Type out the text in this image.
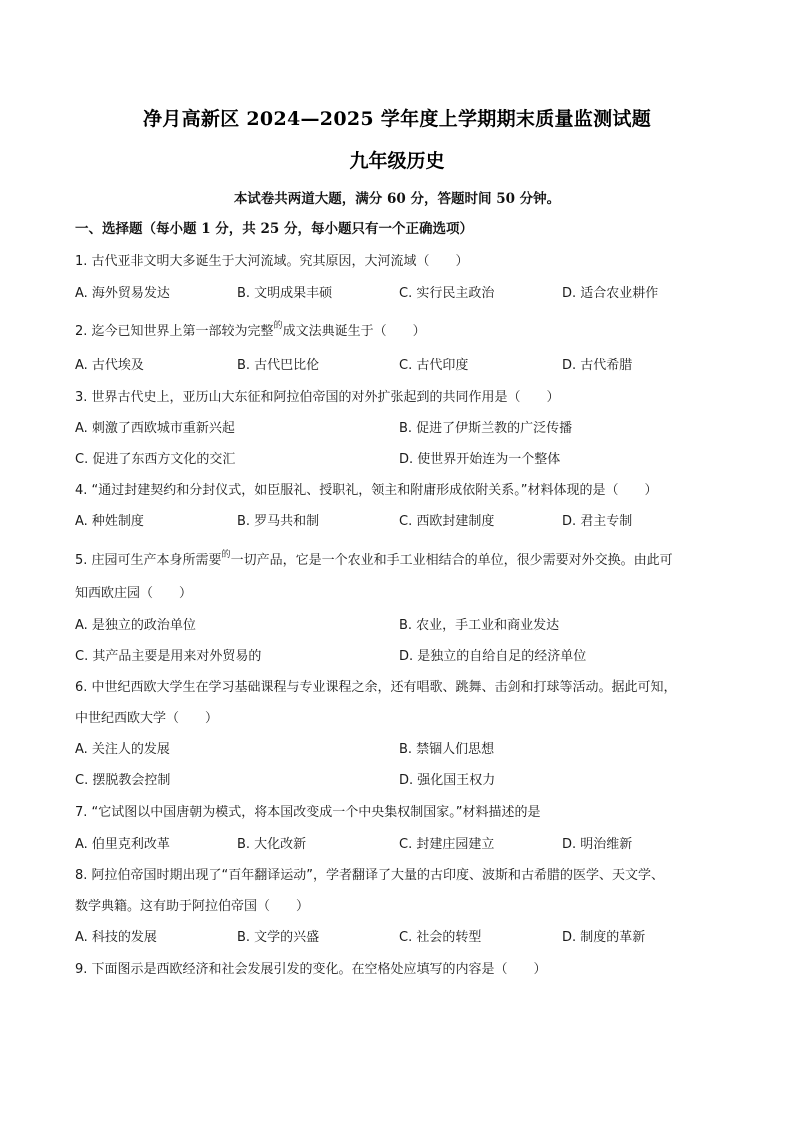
净月高新区 2024—2025 学年度上学期期末质量监测试题
九年级历史
本试卷共两道大题，满分 60 分，答题时间 50 分钟。
一、选择题（每小题 1 分，共 25 分，每小题只有一个正确选项）
1. 古代亚非文明大多诞生于大河流域。究其原因，大河流域（　　）
A. 海外贸易发达	B. 文明成果丰硕	C. 实行民主政治	D. 适合农业耕作
2. 迄今已知世界上第一部较为完整$^的$成文法典诞生于（　　）
A. 古代埃及	B. 古代巴比伦	C. 古代印度	D. 古代希腊
3. 世界古代史上，亚历山大东征和阿拉伯帝国的对外扩张起到的共同作用是（　　）
A. 刺激了西欧城市重新兴起	B. 促进了伊斯兰教的广泛传播
C. 促进了东西方文化的交汇	D. 使世界开始连为一个整体
4. “通过封建契约和分封仪式，如臣服礼、授职礼，领主和附庸形成依附关系。”材料体现的是（　　）
A. 种姓制度	B. 罗马共和制	C. 西欧封建制度	D. 君主专制
5. 庄园可生产本身所需要$^的$一切产品，它是一个农业和手工业相结合的单位，很少需要对外交换。由此可
知西欧庄园（　　）
A. 是独立的政治单位	B. 农业，手工业和商业发达
C. 其产品主要是用来对外贸易的	D. 是独立的自给自足的经济单位
6. 中世纪西欧大学生在学习基础课程与专业课程之余，还有唱歌、跳舞、击剑和打球等活动。据此可知，
中世纪西欧大学（　　）
A. 关注人的发展	B. 禁锢人们思想
C. 摆脱教会控制	D. 强化国王权力
7. “它试图以中国唐朝为模式，将本国改变成一个中央集权制国家。”材料描述的是
A. 伯里克利改革	B. 大化改新	C. 封建庄园建立	D. 明治维新
8. 阿拉伯帝国时期出现了“百年翻译运动”，学者翻译了大量的古印度、波斯和古希腊的医学、天文学、
数学典籍。这有助于阿拉伯帝国（　　）
A. 科技的发展	B. 文学的兴盛	C. 社会的转型	D. 制度的革新
9. 下面图示是西欧经济和社会发展引发的变化。在空格处应填写的内容是（　　）
